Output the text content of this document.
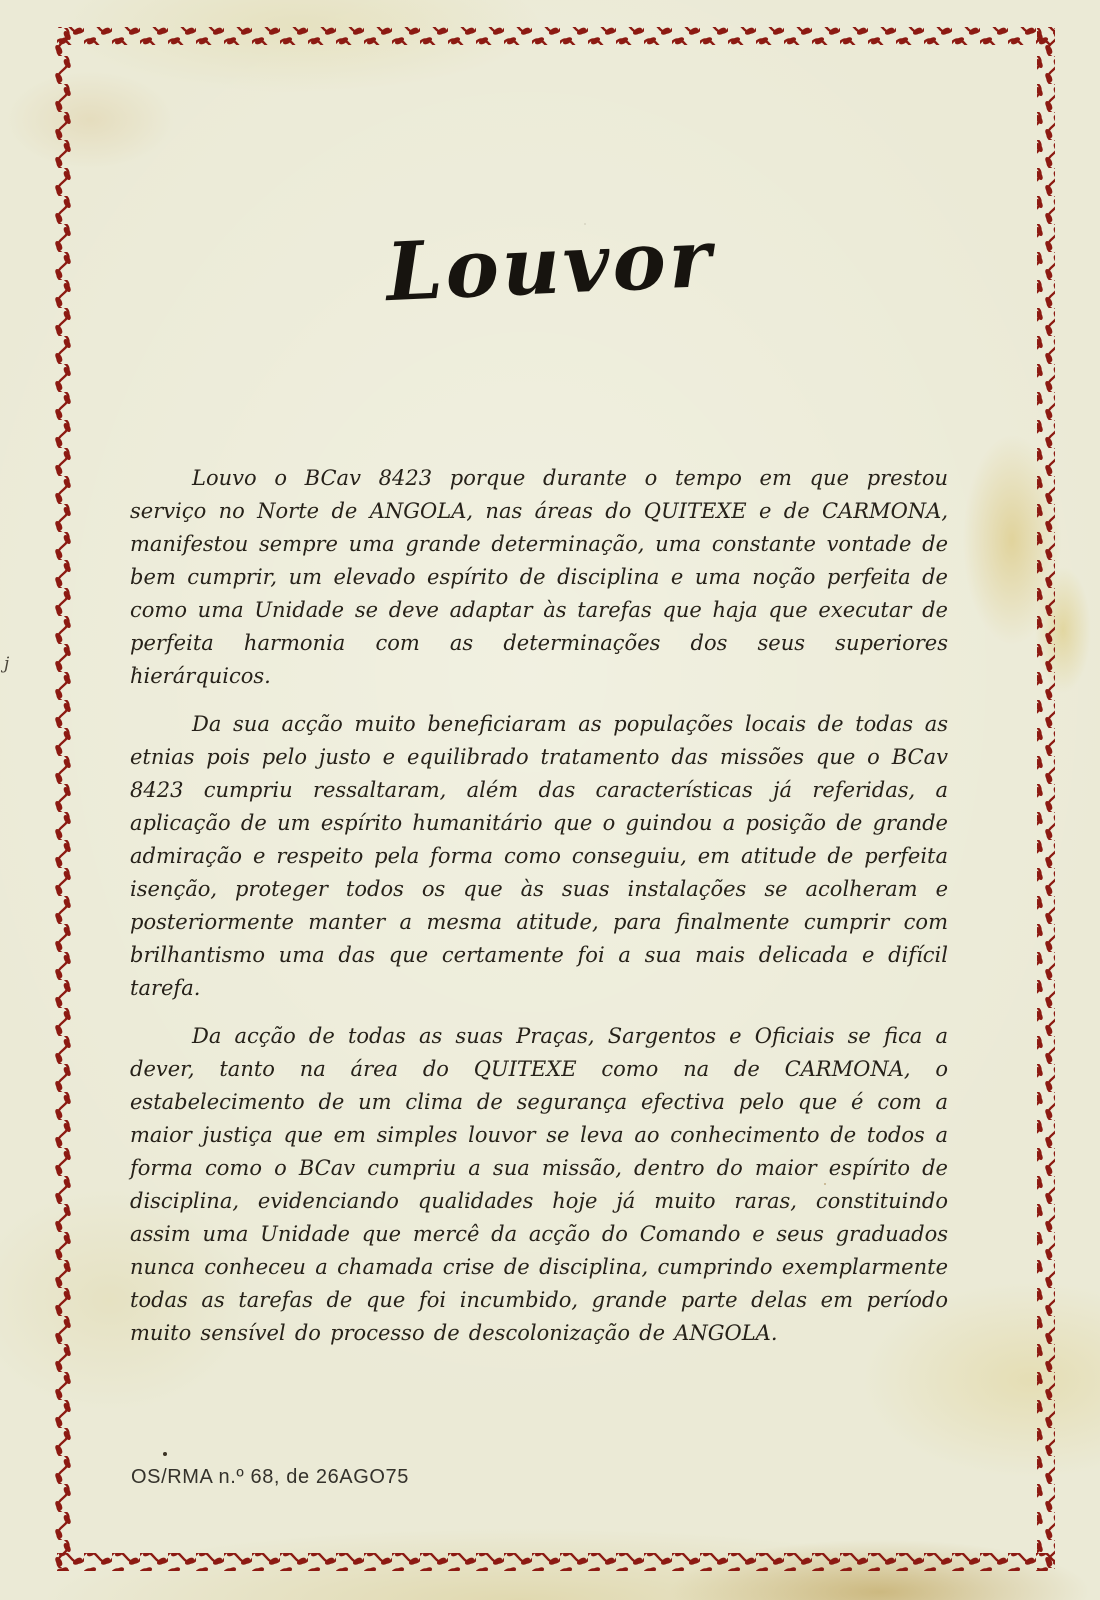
Louvor

Louvo o BCav 8423 porque durante o tempo em que prestou serviço no Norte de ANGOLA, nas áreas do QUITEXE e de CARMONA, manifestou sempre uma grande determinação, uma constante vontade de bem cumprir, um elevado espírito de disciplina e uma noção perfeita de como uma Unidade se deve adaptar às tarefas que haja que executar de perfeita harmonia com as determinações dos seus superiores hierárquicos.

Da sua acção muito beneficiaram as populações locais de todas as etnias pois pelo justo e equilibrado tratamento das missões que o BCav 8423 cumpriu ressaltaram, além das características já referidas, a aplicação de um espírito humanitário que o guindou a posição de grande admiração e respeito pela forma como conseguiu, em atitude de perfeita isenção, proteger todos os que às suas instalações se acolheram e posteriormente manter a mesma atitude, para finalmente cumprir com brilhantismo uma das que certamente foi a sua mais delicada e difícil tarefa.

Da acção de todas as suas Praças, Sargentos e Oficiais se fica a dever, tanto na área do QUITEXE como na de CARMONA, o estabelecimento de um clima de segurança efectiva pelo que é com a maior justiça que em simples louvor se leva ao conhecimento de todos a forma como o BCav cumpriu a sua missão, dentro do maior espírito de disciplina, evidenciando qualidades hoje já muito raras, constituindo assim uma Unidade que mercê da acção do Comando e seus graduados nunca conheceu a chamada crise de disciplina, cumprindo exemplarmente todas as tarefas de que foi incumbido, grande parte delas em período muito sensível do processo de descolonização de ANGOLA.

OS/RMA n.º 68, de 26AGO75
j
